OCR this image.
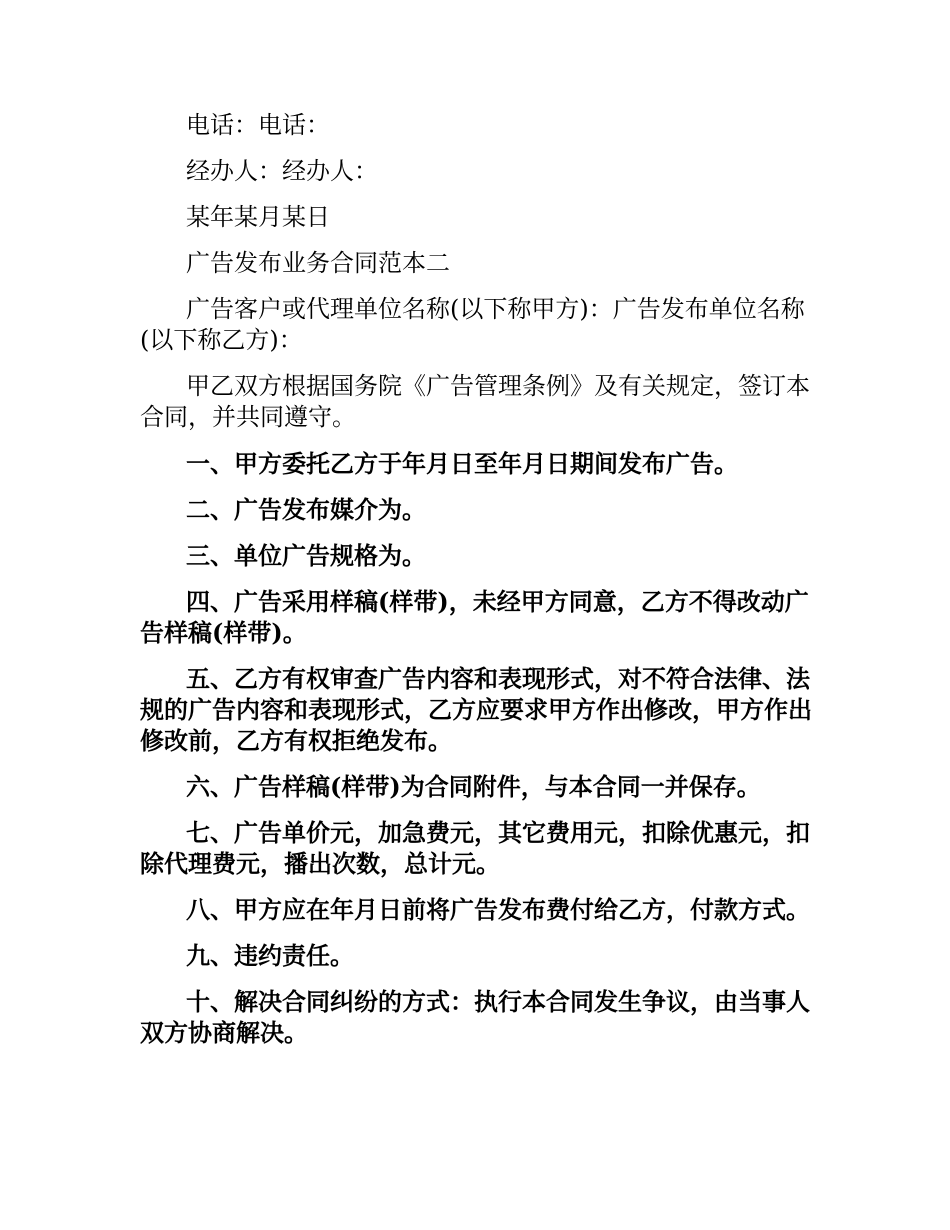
电话：电话：

经办人：经办人：

某年某月某日

广告发布业务合同范本二

广告客户或代理单位名称(以下称甲方)：广告发布单位名称(以下称乙方)：

甲乙双方根据国务院《广告管理条例》及有关规定，签订本合同，并共同遵守。

一、甲方委托乙方于年月日至年月日期间发布广告。

二、广告发布媒介为。

三、单位广告规格为。

四、广告采用样稿(样带)，未经甲方同意，乙方不得改动广告样稿(样带)。

五、乙方有权审查广告内容和表现形式，对不符合法律、法规的广告内容和表现形式，乙方应要求甲方作出修改，甲方作出修改前，乙方有权拒绝发布。

六、广告样稿(样带)为合同附件，与本合同一并保存。

七、广告单价元，加急费元，其它费用元，扣除优惠元，扣除代理费元，播出次数，总计元。

八、甲方应在年月日前将广告发布费付给乙方，付款方式。

九、违约责任。

十、解决合同纠纷的方式：执行本合同发生争议，由当事人双方协商解决。
